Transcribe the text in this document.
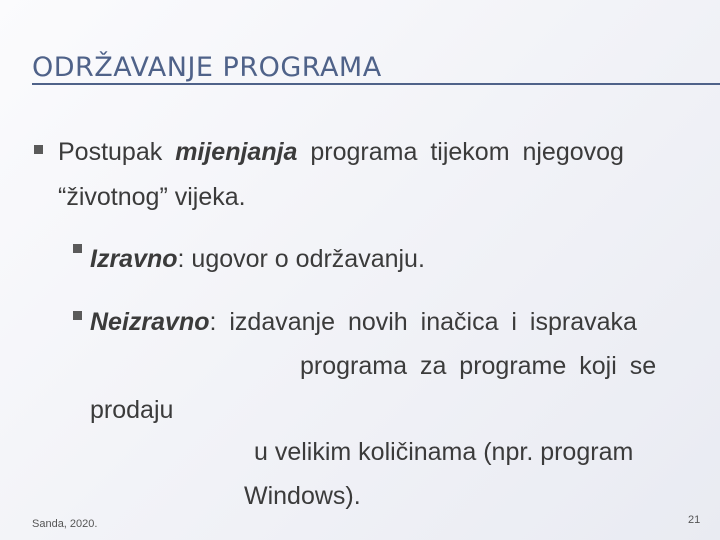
ODRŽAVANJE PROGRAMA
Postupak mijenjanja programa tijekom njegovog
“životnog” vijeka.
Izravno: ugovor o održavanju.
Neizravno: izdavanje novih inačica i ispravaka
programa za programe koji se
prodaju
u velikim količinama (npr. program
Windows).
Sanda, 2020.	21
